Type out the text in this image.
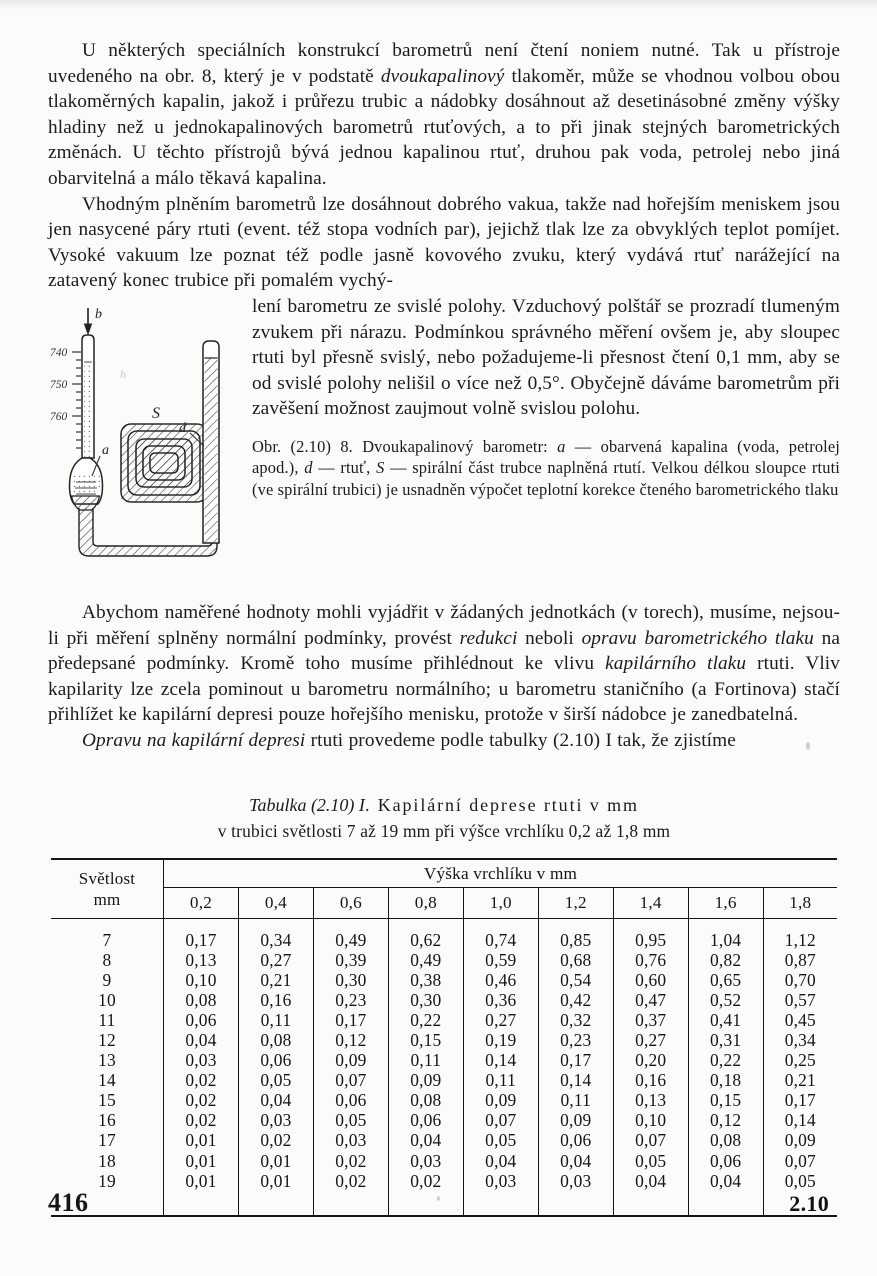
U některých speciálních konstrukcí barometrů není čtení noniem nutné. Tak u přístroje uvedeného na obr. 8, který je v podstatě dvoukapalinový tlakoměr, může se vhodnou volbou obou tlakoměrných kapalin, jakož i průřezu trubic a nádobky dosáhnout až desetinásobné změny výšky hladiny než u jednokapalinových barometrů rtuťových, a to při jinak stejných barometrických změnách. U těchto přístrojů bývá jednou kapalinou rtuť, druhou pak voda, petrolej nebo jiná obarvitelná a málo těkavá kapalina.

Vhodným plněním barometrů lze dosáhnout dobrého vakua, takže nad hořejším meniskem jsou jen nasycené páry rtuti (event. též stopa vodních par), jejichž tlak lze za obvyklých teplot pomíjet. Vysoké vakuum lze poznat též podle jasně kovového zvuku, který vydává rtuť narážející na zatavený konec trubice při pomalém vychý-

b
740
750
760
h
a
S
d

lení barometru ze svislé polohy. Vzduchový polštář se prozradí tlumeným zvukem při nárazu. Podmínkou správného měření ovšem je, aby sloupec rtuti byl přesně svislý, nebo požadujeme-li přesnost čtení 0,1 mm, aby se od svislé polohy nelišil o více než 0,5°. Obyčejně dáváme barometrům při zavěšení možnost zaujmout volně svislou polohu.

Obr. (2.10) 8. Dvoukapalinový barometr: a — obarvená kapalina (voda, petrolej apod.), d — rtuť, S — spirální část trubce naplněná rtutí. Velkou délkou sloupce rtuti (ve spirální trubici) je usnadněn výpočet teplotní korekce čteného barometrického tlaku

Abychom naměřené hodnoty mohli vyjádřit v žádaných jednotkách (v torech), musíme, nejsou-li při měření splněny normální podmínky, provést redukci neboli opravu barometrického tlaku na předepsané podmínky. Kromě toho musíme přihlédnout ke vlivu kapilárního tlaku rtuti. Vliv kapilarity lze zcela pominout u barometru normálního; u barometru staničního (a Fortinova) stačí přihlížet ke kapilární depresi pouze hořejšího menisku, protože v širší nádobce je zanedbatelná.

Opravu na kapilární depresi rtuti provedeme podle tabulky (2.10) I tak, že zjistíme

Tabulka (2.10) I. Kapilární deprese rtuti v mm
v trubici světlosti 7 až 19 mm při výšce vrchlíku 0,2 až 1,8 mm
Světlost
mm	Výška vrchlíku v mm								
	0,2	0,4	0,6	0,8	1,0	1,2	1,4	1,6	1,8

7	0,17	0,34	0,49	0,62	0,74	0,85	0,95	1,04	1,12
8	0,13	0,27	0,39	0,49	0,59	0,68	0,76	0,82	0,87
9	0,10	0,21	0,30	0,38	0,46	0,54	0,60	0,65	0,70
10	0,08	0,16	0,23	0,30	0,36	0,42	0,47	0,52	0,57
11	0,06	0,11	0,17	0,22	0,27	0,32	0,37	0,41	0,45
12	0,04	0,08	0,12	0,15	0,19	0,23	0,27	0,31	0,34
13	0,03	0,06	0,09	0,11	0,14	0,17	0,20	0,22	0,25
14	0,02	0,05	0,07	0,09	0,11	0,14	0,16	0,18	0,21
15	0,02	0,04	0,06	0,08	0,09	0,11	0,13	0,15	0,17
16	0,02	0,03	0,05	0,06	0,07	0,09	0,10	0,12	0,14
17	0,01	0,02	0,03	0,04	0,05	0,06	0,07	0,08	0,09
18	0,01	0,01	0,02	0,03	0,04	0,04	0,05	0,06	0,07
19	0,01	0,01	0,02	0,02	0,03	0,03	0,04	0,04	0,05

416	2.10
